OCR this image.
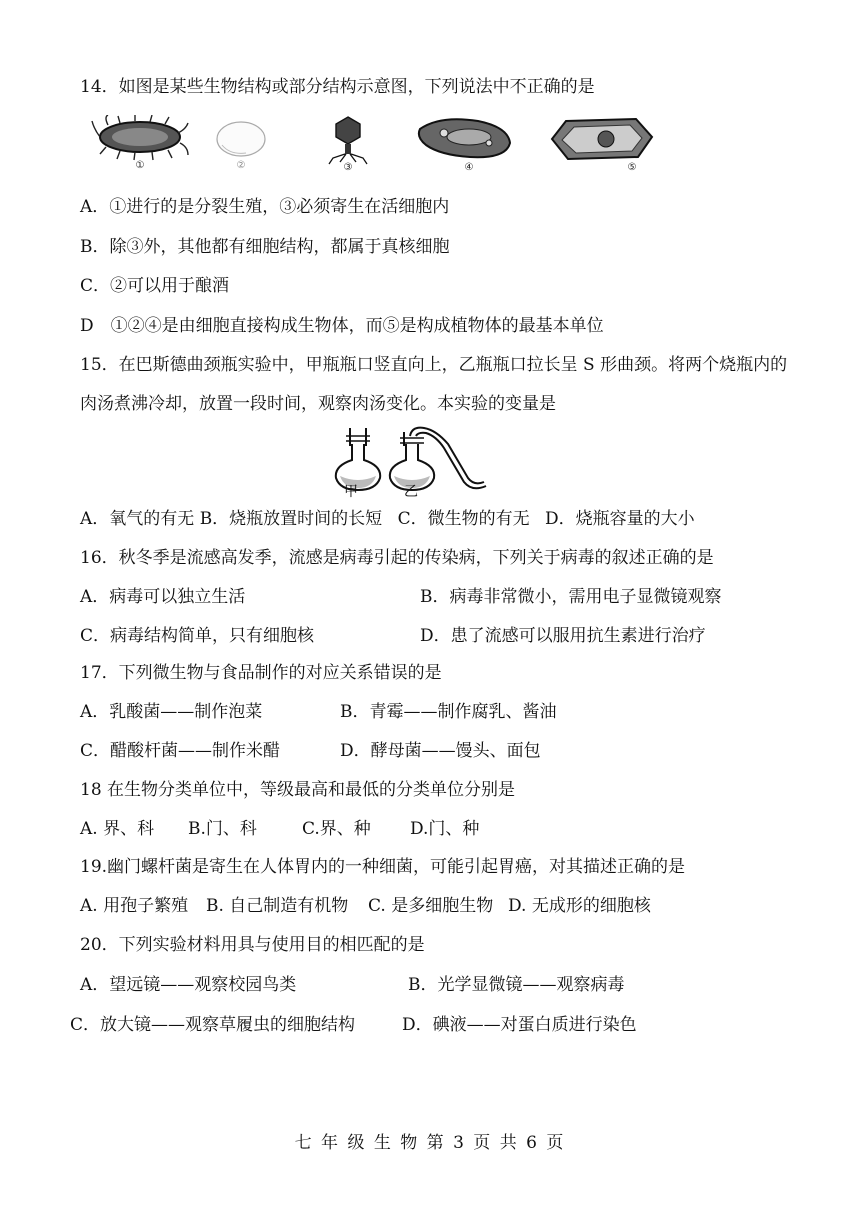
14．如图是某些生物结构或部分结构示意图，下列说法中不正确的是
①	②	③	④	⑤
A．①进行的是分裂生殖，③必须寄生在活细胞内
B．除③外，其他都有细胞结构，都属于真核细胞
C．②可以用于酿酒
D　①②④是由细胞直接构成生物体，而⑤是构成植物体的最基本单位
15．在巴斯德曲颈瓶实验中，甲瓶瓶口竖直向上，乙瓶瓶口拉长呈 S 形曲颈。将两个烧瓶内的
肉汤煮沸冷却，放置一段时间，观察肉汤变化。本实验的变量是
甲	乙
A．氧气的有无 B．烧瓶放置时间的长短 C．微生物的有无 D．烧瓶容量的大小
16．秋冬季是流感高发季，流感是病毒引起的传染病，下列关于病毒的叙述正确的是
A．病毒可以独立生活	B．病毒非常微小，需用电子显微镜观察
C．病毒结构简单，只有细胞核	D．患了流感可以服用抗生素进行治疗
17．下列微生物与食品制作的对应关系错误的是
A．乳酸菌——制作泡菜	B．青霉——制作腐乳、酱油
C．醋酸杆菌——制作米醋	D．酵母菌——馒头、面包
18 在生物分类单位中，等级最高和最低的分类单位分别是
A. 界、科 B.门、科	C.界、种 D.门、种
19.幽门螺杆菌是寄生在人体胃内的一种细菌，可能引起胃癌，对其描述正确的是
A. 用孢子繁殖 B. 自己制造有机物 C. 是多细胞生物 D. 无成形的细胞核
20．下列实验材料用具与使用目的相匹配的是
A．望远镜——观察校园鸟类	B．光学显微镜——观察病毒
C．放大镜——观察草履虫的细胞结构	D．碘液——对蛋白质进行染色
七 年 级 生 物 第 3 页 共 6 页
